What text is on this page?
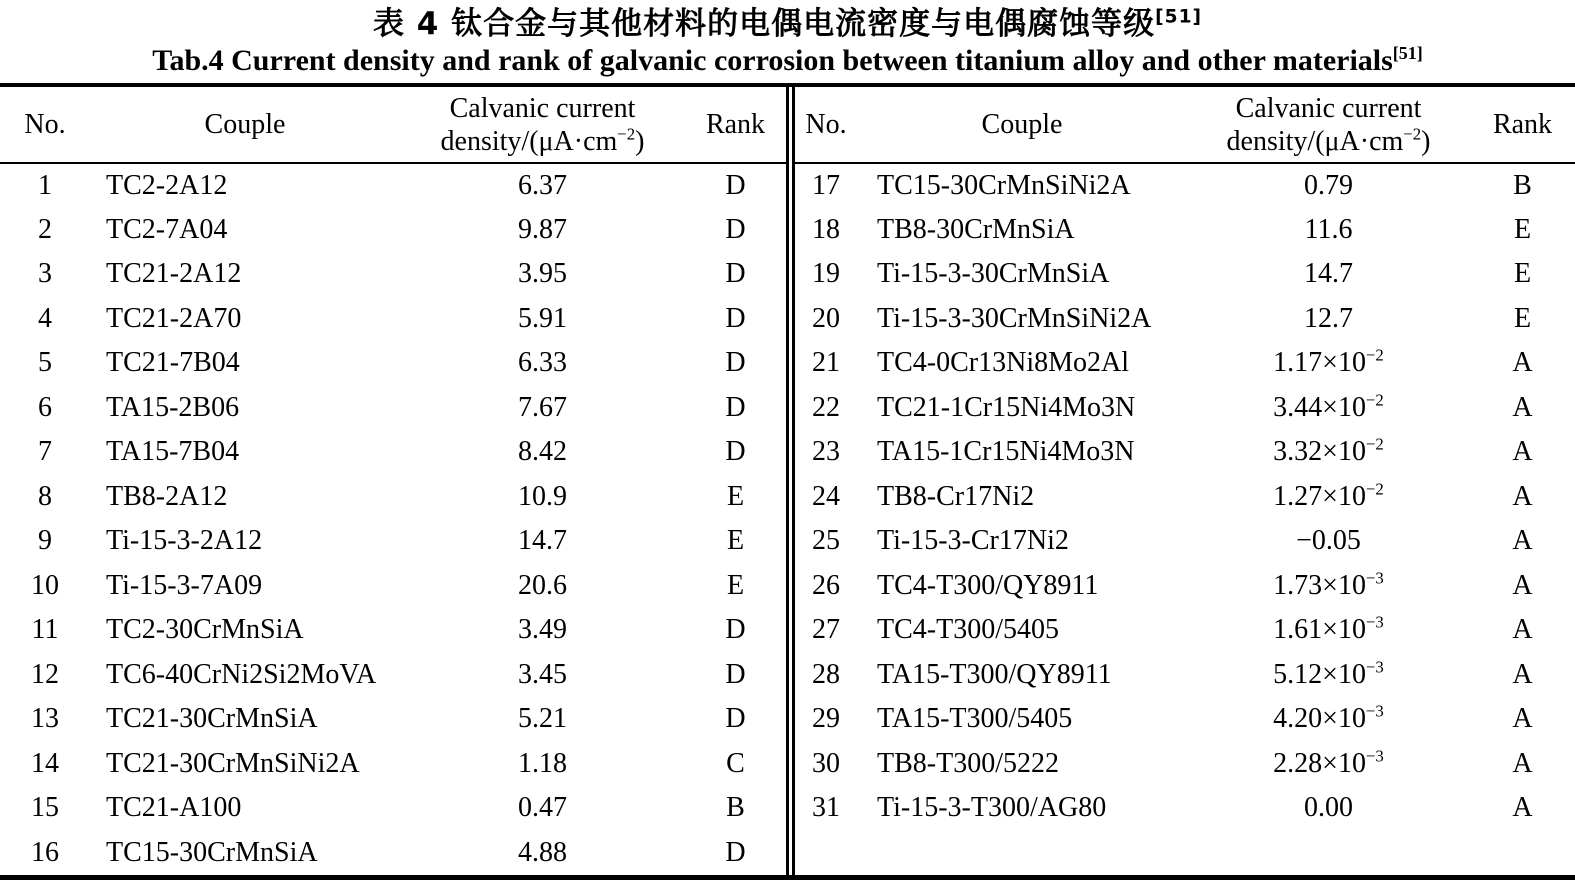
表 4 钛合金与其他材料的电偶电流密度与电偶腐蚀等级[51]
Tab.4 Current density and rank of galvanic corrosion between titanium alloy and other materials[51]
No.	Couple	Calvanic current
density/$(\mu A\cdot cm^{-2})$	Rank
1	TC2-2A12	6.37	D
2	TC2-7A04	9.87	D
3	TC21-2A12	3.95	D
4	TC21-2A70	5.91	D
5	TC21-7B04	6.33	D
6	TA15-2B06	7.67	D
7	TA15-7B04	8.42	D
8	TB8-2A12	10.9	E
9	Ti-15-3-2A12	14.7	E
10	Ti-15-3-7A09	20.6	E
11	TC2-30CrMnSiA	3.49	D
12	TC6-40CrNi2Si2MoVA	3.45	D
13	TC21-30CrMnSiA	5.21	D
14	TC21-30CrMnSiNi2A	1.18	C
15	TC21-A100	0.47	B
16	TC15-30CrMnSiA	4.88	D
No.	Couple	Calvanic current
density/$(\mu A\cdot cm^{-2})$	Rank
17	TC15-30CrMnSiNi2A	0.79	B
18	TB8-30CrMnSiA	11.6	E
19	Ti-15-3-30CrMnSiA	14.7	E
20	Ti-15-3-30CrMnSiNi2A	12.7	E
21	TC4-0Cr13Ni8Mo2Al	$1.17\times 10^{-2}$	A
22	TC21-1Cr15Ni4Mo3N	$3.44\times 10^{-2}$	A
23	TA15-1Cr15Ni4Mo3N	$3.32\times 10^{-2}$	A
24	TB8-Cr17Ni2	$1.27\times 10^{-2}$	A
25	Ti-15-3-Cr17Ni2	−0.05	A
26	TC4-T300/QY8911	$1.73\times 10^{-3}$	A
27	TC4-T300/5405	$1.61\times 10^{-3}$	A
28	TA15-T300/QY8911	$5.12\times 10^{-3}$	A
29	TA15-T300/5405	$4.20\times 10^{-3}$	A
30	TB8-T300/5222	$2.28\times 10^{-3}$	A
31	Ti-15-3-T300/AG80	0.00	A
